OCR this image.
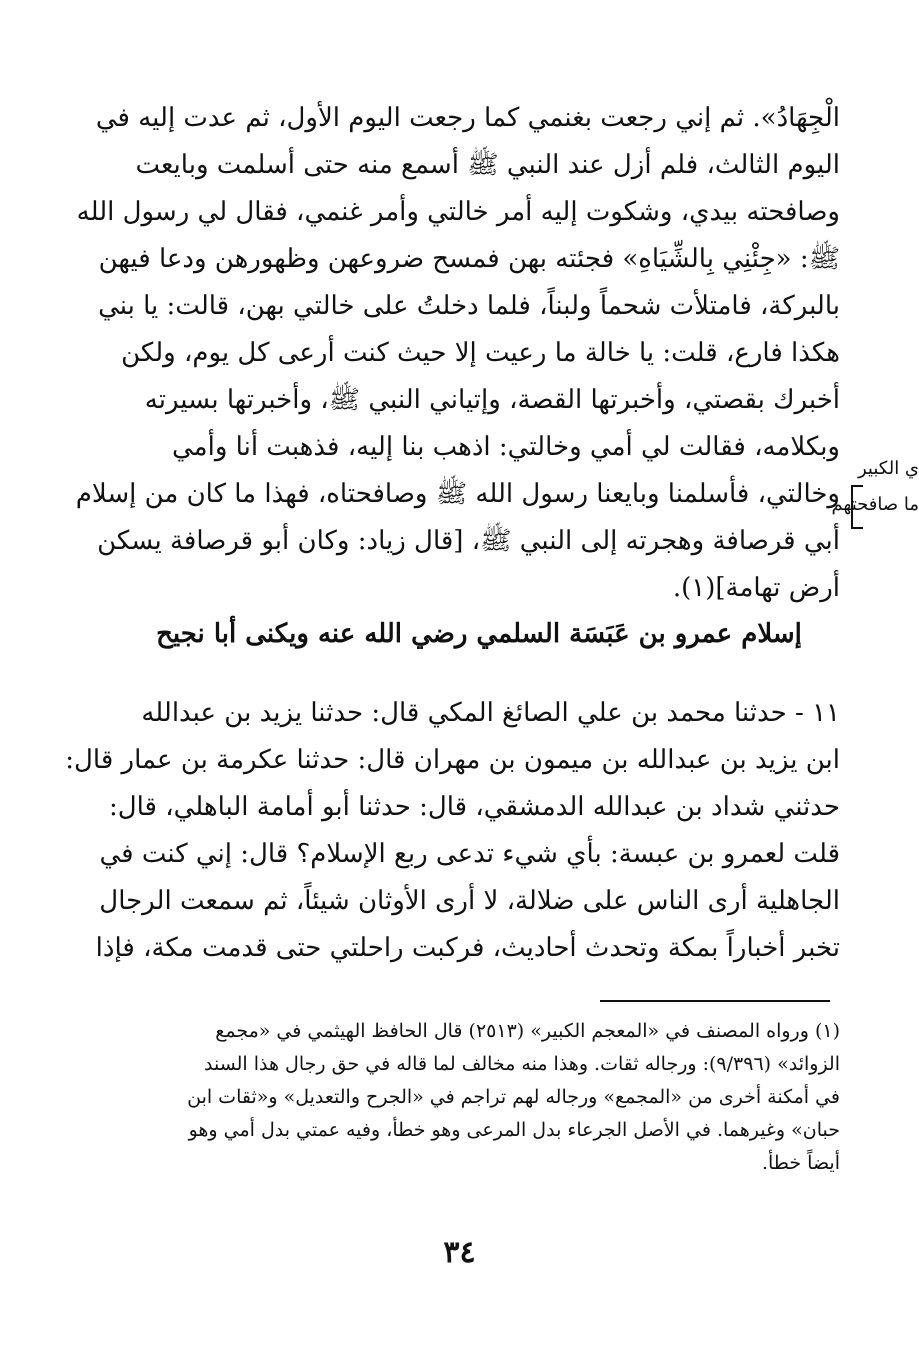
الْجِهَادُ». ثم إني رجعت بغنمي كما رجعت اليوم الأول، ثم عدت إليه في
اليوم الثالث، فلم أزل عند النبي ﷺ أسمع منه حتى أسلمت وبايعت
وصافحته بيدي، وشكوت إليه أمر خالتي وأمر غنمي، فقال لي رسول الله
ﷺ: «جِئْنِي بِالشِّيَاهِ» فجئته بهن فمسح ضروعهن وظهورهن ودعا فيهن
بالبركة، فامتلأت شحماً ولبناً، فلما دخلتُ على خالتي بهن، قالت: يا بني
هكذا فارع، قلت: يا خالة ما رعيت إلا حيث كنت أرعى كل يوم، ولكن
أخبرك بقصتي، وأخبرتها القصة، وإتياني النبي ﷺ، وأخبرتها بسيرته
وبكلامه، فقالت لي أمي وخالتي: اذهب بنا إليه، فذهبت أنا وأمي
وخالتي، فأسلمنا وبايعنا رسول الله ﷺ وصافحتاه، فهذا ما كان من إسلام
أبي قرصافة وهجرته إلى النبي ﷺ، [قال زياد: وكان أبو قرصافة يسكن
أرض تهامة](١).
ي الكبير
ما صافحتهم
إسلام عمرو بن عَبَسَة السلمي رضي الله عنه ويكنى أبا نجيح
١١ - حدثنا محمد بن علي الصائغ المكي قال: حدثنا يزيد بن عبدالله
ابن يزيد بن عبدالله بن ميمون بن مهران قال: حدثنا عكرمة بن عمار قال:
حدثني شداد بن عبدالله الدمشقي، قال: حدثنا أبو أمامة الباهلي، قال:
قلت لعمرو بن عبسة: بأي شيء تدعى ربع الإسلام؟ قال: إني كنت في
الجاهلية أرى الناس على ضلالة، لا أرى الأوثان شيئاً، ثم سمعت الرجال
تخبر أخباراً بمكة وتحدث أحاديث، فركبت راحلتي حتى قدمت مكة، فإذا
(١) ورواه المصنف في «المعجم الكبير» (٢٥١٣) قال الحافظ الهيثمي في «مجمع
الزوائد» (٩/٣٩٦): ورجاله ثقات. وهذا منه مخالف لما قاله في حق رجال هذا السند
في أمكنة أخرى من «المجمع» ورجاله لهم تراجم في «الجرح والتعديل» و«ثقات ابن
حبان» وغيرهما. في الأصل الجرعاء بدل المرعى وهو خطأ، وفيه عمتي بدل أمي وهو
أيضاً خطأ.
٣٤
